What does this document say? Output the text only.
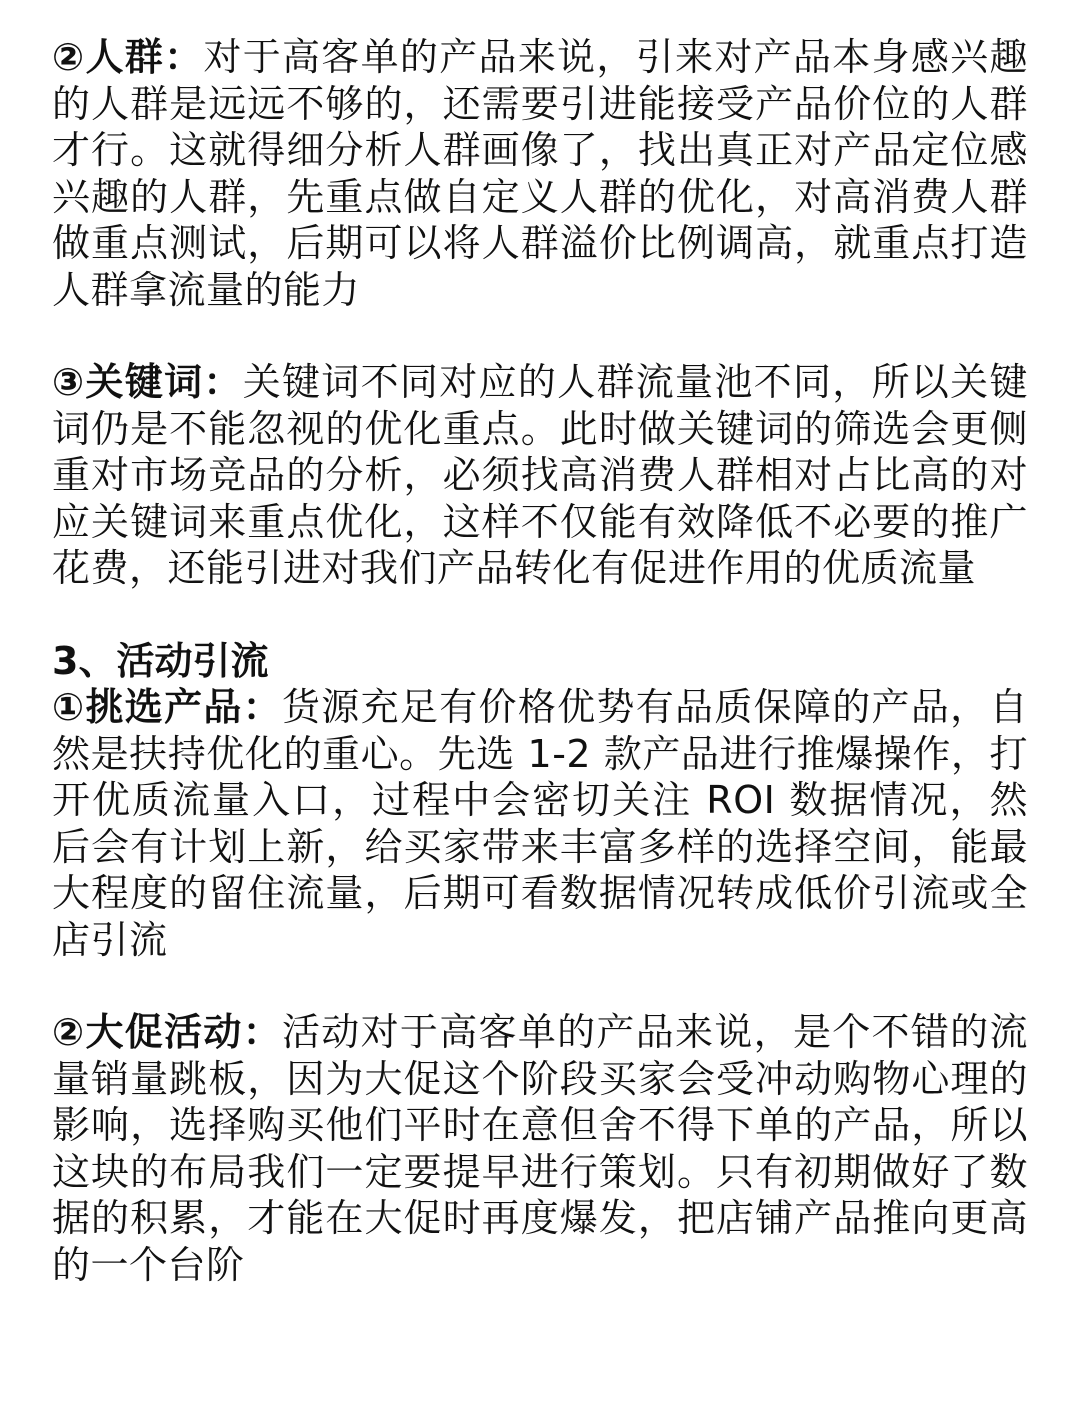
②人群：对于高客单的产品来说，引来对产品本身感兴趣的人群是远远不够的，还需要引进能接受产品价位的人群才行。这就得细分析人群画像了，找出真正对产品定位感兴趣的人群，先重点做自定义人群的优化，对高消费人群做重点测试，后期可以将人群溢价比例调高，就重点打造人群拿流量的能力

③关键词：关键词不同对应的人群流量池不同，所以关键词仍是不能忽视的优化重点。此时做关键词的筛选会更侧重对市场竞品的分析，必须找高消费人群相对占比高的对应关键词来重点优化，这样不仅能有效降低不必要的推广花费，还能引进对我们产品转化有促进作用的优质流量

3、活动引流

①挑选产品：货源充足有价格优势有品质保障的产品，自然是扶持优化的重心。先选 1-2 款产品进行推爆操作，打开优质流量入口，过程中会密切关注 ROI 数据情况，然后会有计划上新，给买家带来丰富多样的选择空间，能最大程度的留住流量，后期可看数据情况转成低价引流或全店引流

②大促活动：活动对于高客单的产品来说，是个不错的流量销量跳板，因为大促这个阶段买家会受冲动购物心理的影响，选择购买他们平时在意但舍不得下单的产品，所以这块的布局我们一定要提早进行策划。只有初期做好了数据的积累，才能在大促时再度爆发，把店铺产品推向更高的一个台阶
